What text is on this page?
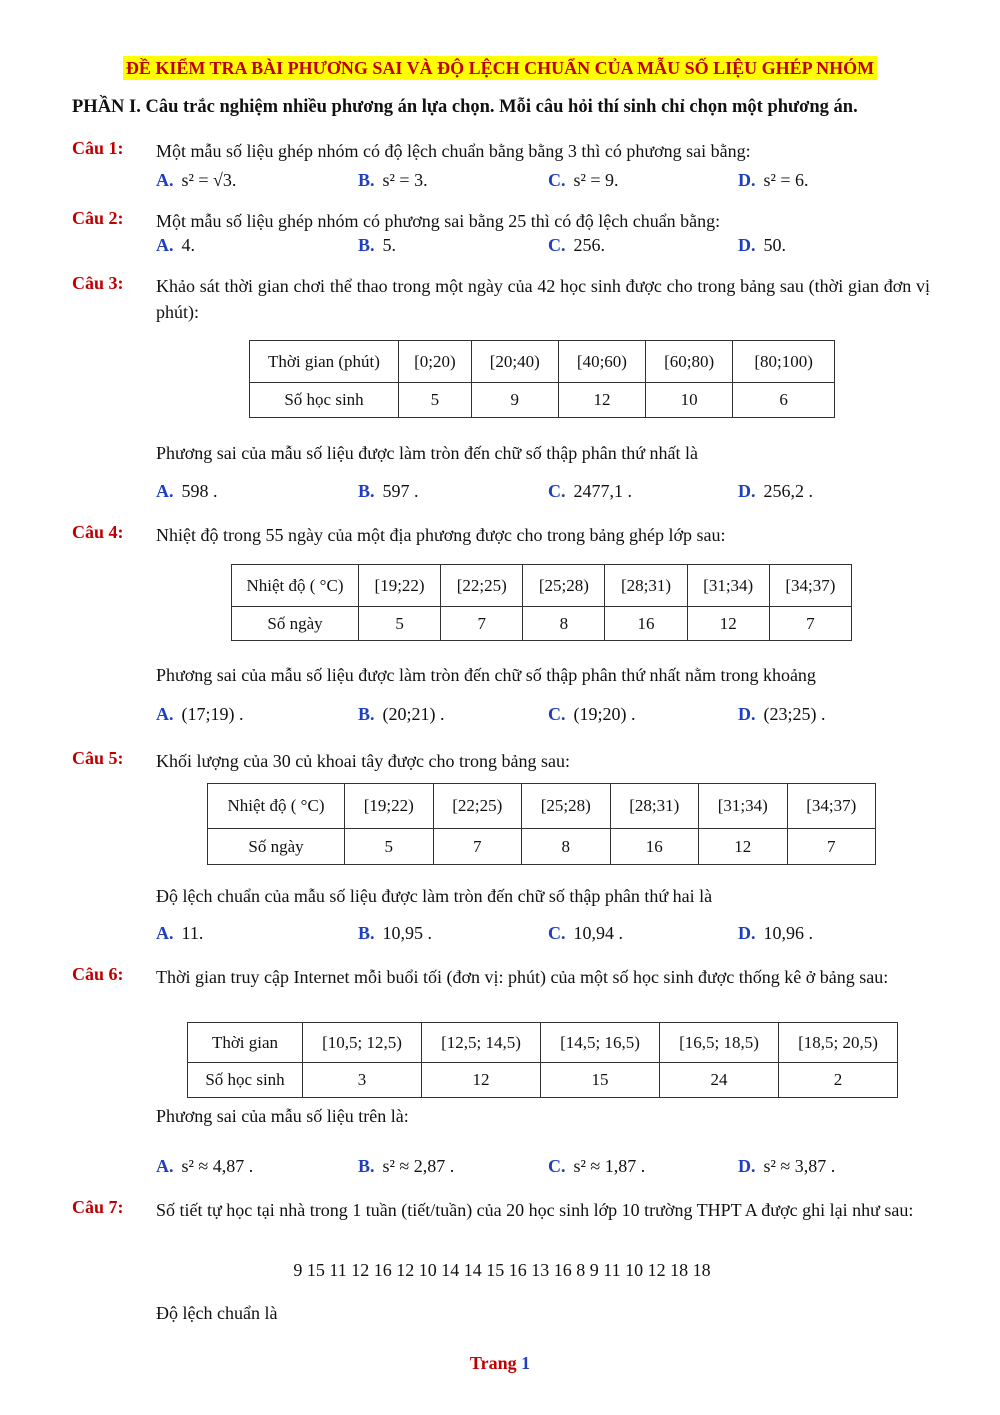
ĐỀ KIỂM TRA BÀI PHƯƠNG SAI VÀ ĐỘ LỆCH CHUẨN CỦA MẪU SỐ LIỆU GHÉP NHÓM
PHẦN I. Câu trắc nghiệm nhiều phương án lựa chọn. Mỗi câu hỏi thí sinh chỉ chọn một phương án.
Câu 1: Một mẫu số liệu ghép nhóm có độ lệch chuẩn bằng bằng 3 thì có phương sai bằng:
A. s² = √3.	B. s² = 3.	C. s² = 9.	D. s² = 6.
Câu 2: Một mẫu số liệu ghép nhóm có phương sai bằng 25 thì có độ lệch chuẩn bằng:
A. 4.	B. 5.	C. 256.	D. 50.
Câu 3: Khảo sát thời gian chơi thể thao trong một ngày của 42 học sinh được cho trong bảng sau (thời gian đơn vị phút):
Thời gian (phút)	[0;20)	[20;40)	[40;60)	[60;80)	[80;100)
Số học sinh	5	9	12	10	6
Phương sai của mẫu số liệu được làm tròn đến chữ số thập phân thứ nhất là
A. 598 .	B. 597 .	C. 2477,1 .	D. 256,2 .
Câu 4: Nhiệt độ trong 55 ngày của một địa phương được cho trong bảng ghép lớp sau:
Nhiệt độ ( °C)	[19;22)	[22;25)	[25;28)	[28;31)	[31;34)	[34;37)
Số ngày	5	7	8	16	12	7
Phương sai của mẫu số liệu được làm tròn đến chữ số thập phân thứ nhất nằm trong khoảng
A. (17;19) .	B. (20;21) .	C. (19;20) .	D. (23;25) .
Câu 5: Khối lượng của 30 củ khoai tây được cho trong bảng sau:
Nhiệt độ ( °C)	[19;22)	[22;25)	[25;28)	[28;31)	[31;34)	[34;37)
Số ngày	5	7	8	16	12	7
Độ lệch chuẩn của mẫu số liệu được làm tròn đến chữ số thập phân thứ hai là
A. 11.	B. 10,95 .	C. 10,94 .	D. 10,96 .
Câu 6: Thời gian truy cập Internet mỗi buổi tối (đơn vị: phút) của một số học sinh được thống kê ở bảng sau:
Thời gian	[10,5; 12,5)	[12,5; 14,5)	[14,5; 16,5)	[16,5; 18,5)	[18,5; 20,5)
Số học sinh	3	12	15	24	2
Phương sai của mẫu số liệu trên là:
A. s² ≈ 4,87 .	B. s² ≈ 2,87 .	C. s² ≈ 1,87 .	D. s² ≈ 3,87 .
Câu 7: Số tiết tự học tại nhà trong 1 tuần (tiết/tuần) của 20 học sinh lớp 10 trường THPT A được ghi lại như sau:
9 15 11 12 16 12 10 14 14 15 16 13 16 8 9 11 10 12 18 18
Độ lệch chuẩn là
Trang 1
